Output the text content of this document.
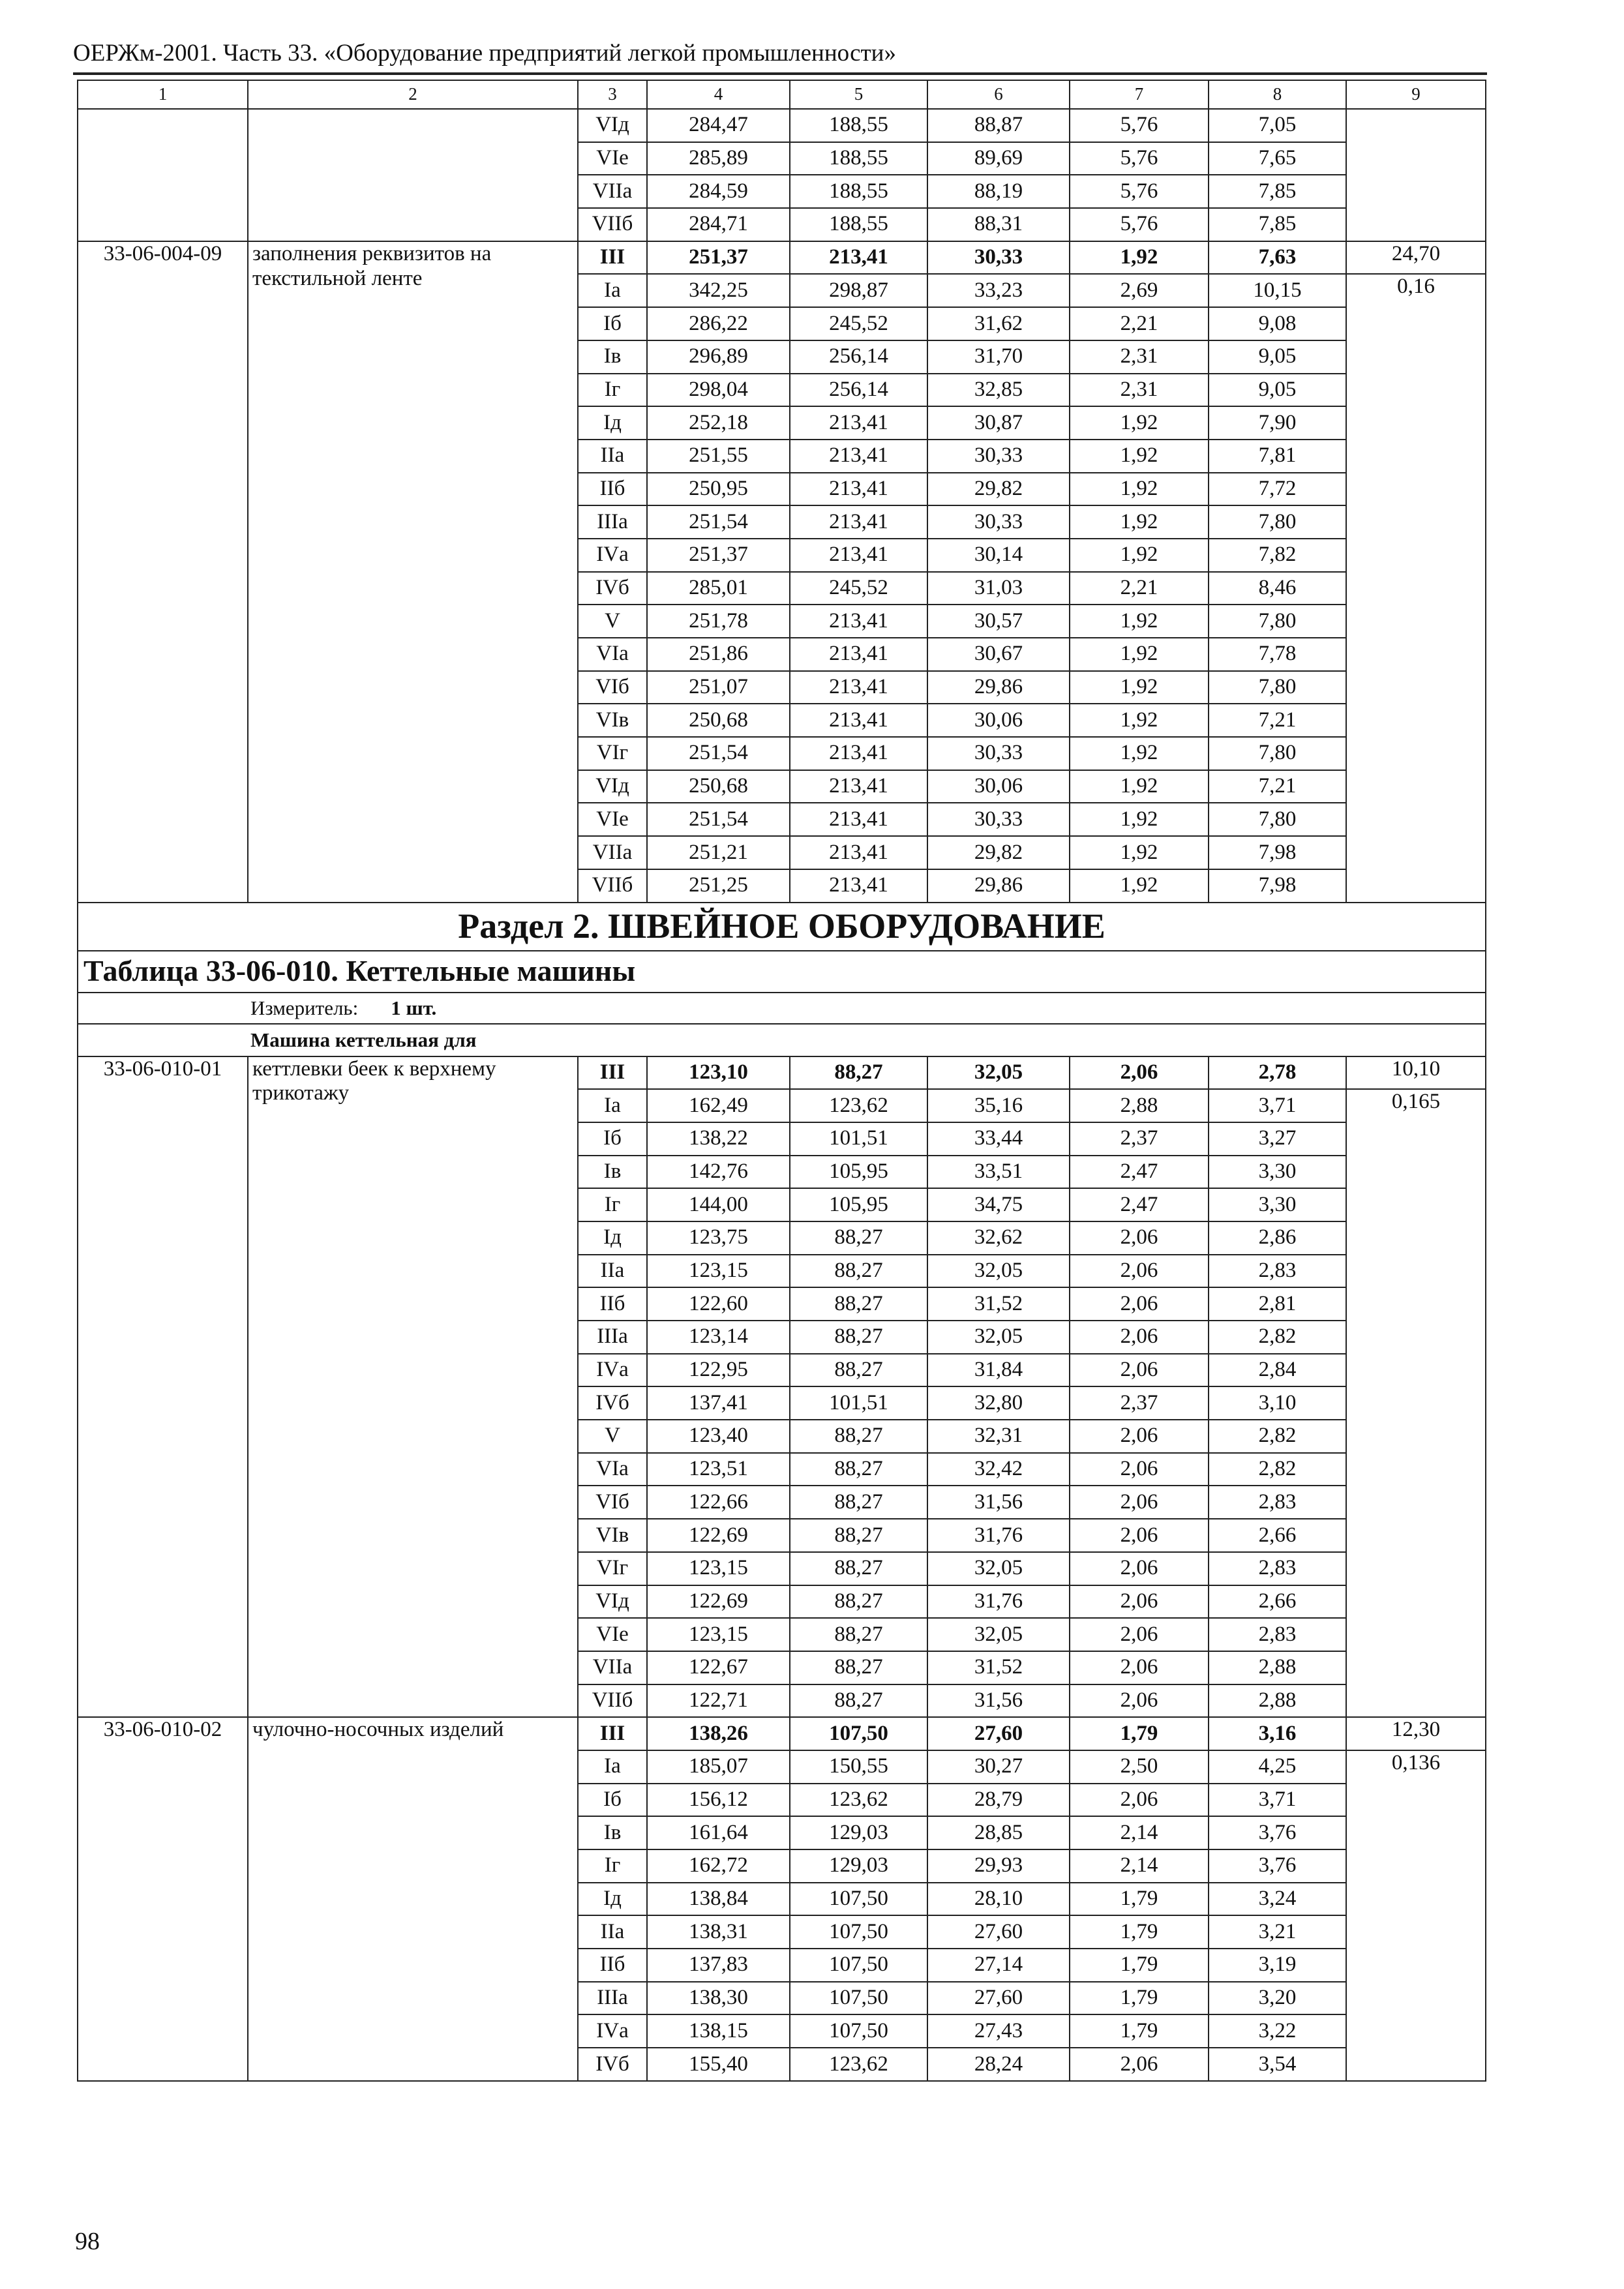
ОЕРЖм-2001. Часть 33. «Оборудование предприятий легкой промышленности»
1	2	3	4	5	6	7	8	9
		VIд	284,47	188,55	88,87	5,76	7,05	
		VIе	285,89	188,55	89,69	5,76	7,65	
		VIIа	284,59	188,55	88,19	5,76	7,85	
		VIIб	284,71	188,55	88,31	5,76	7,85	
33-06-004-09	заполнения реквизитов на текстильной ленте	III	251,37	213,41	30,33	1,92	7,63	24,70
		Iа	342,25	298,87	33,23	2,69	10,15	0,16
		Iб	286,22	245,52	31,62	2,21	9,08	
		Iв	296,89	256,14	31,70	2,31	9,05	
		Iг	298,04	256,14	32,85	2,31	9,05	
		Iд	252,18	213,41	30,87	1,92	7,90	
		IIа	251,55	213,41	30,33	1,92	7,81	
		IIб	250,95	213,41	29,82	1,92	7,72	
		IIIа	251,54	213,41	30,33	1,92	7,80	
		IVа	251,37	213,41	30,14	1,92	7,82	
		IVб	285,01	245,52	31,03	2,21	8,46	
		V	251,78	213,41	30,57	1,92	7,80	
		VIа	251,86	213,41	30,67	1,92	7,78	
		VIб	251,07	213,41	29,86	1,92	7,80	
		VIв	250,68	213,41	30,06	1,92	7,21	
		VIг	251,54	213,41	30,33	1,92	7,80	
		VIд	250,68	213,41	30,06	1,92	7,21	
		VIе	251,54	213,41	30,33	1,92	7,80	
		VIIа	251,21	213,41	29,82	1,92	7,98	
		VIIб	251,25	213,41	29,86	1,92	7,98	
Раздел 2. ШВЕЙНОЕ ОБОРУДОВАНИЕ								
Таблица 33-06-010. Кеттельные машины								
Измеритель: 1 шт.								
Машина кеттельная для								
33-06-010-01	кеттлевки беек к верхнему трикотажу	III	123,10	88,27	32,05	2,06	2,78	10,10
		Iа	162,49	123,62	35,16	2,88	3,71	0,165
		Iб	138,22	101,51	33,44	2,37	3,27	
		Iв	142,76	105,95	33,51	2,47	3,30	
		Iг	144,00	105,95	34,75	2,47	3,30	
		Iд	123,75	88,27	32,62	2,06	2,86	
		IIа	123,15	88,27	32,05	2,06	2,83	
		IIб	122,60	88,27	31,52	2,06	2,81	
		IIIа	123,14	88,27	32,05	2,06	2,82	
		IVа	122,95	88,27	31,84	2,06	2,84	
		IVб	137,41	101,51	32,80	2,37	3,10	
		V	123,40	88,27	32,31	2,06	2,82	
		VIа	123,51	88,27	32,42	2,06	2,82	
		VIб	122,66	88,27	31,56	2,06	2,83	
		VIв	122,69	88,27	31,76	2,06	2,66	
		VIг	123,15	88,27	32,05	2,06	2,83	
		VIд	122,69	88,27	31,76	2,06	2,66	
		VIе	123,15	88,27	32,05	2,06	2,83	
		VIIа	122,67	88,27	31,52	2,06	2,88	
		VIIб	122,71	88,27	31,56	2,06	2,88	
33-06-010-02	чулочно-носочных изделий	III	138,26	107,50	27,60	1,79	3,16	12,30
		Iа	185,07	150,55	30,27	2,50	4,25	0,136
		Iб	156,12	123,62	28,79	2,06	3,71	
		Iв	161,64	129,03	28,85	2,14	3,76	
		Iг	162,72	129,03	29,93	2,14	3,76	
		Iд	138,84	107,50	28,10	1,79	3,24	
		IIа	138,31	107,50	27,60	1,79	3,21	
		IIб	137,83	107,50	27,14	1,79	3,19	
		IIIа	138,30	107,50	27,60	1,79	3,20	
		IVа	138,15	107,50	27,43	1,79	3,22	
		IVб	155,40	123,62	28,24	2,06	3,54	
98
